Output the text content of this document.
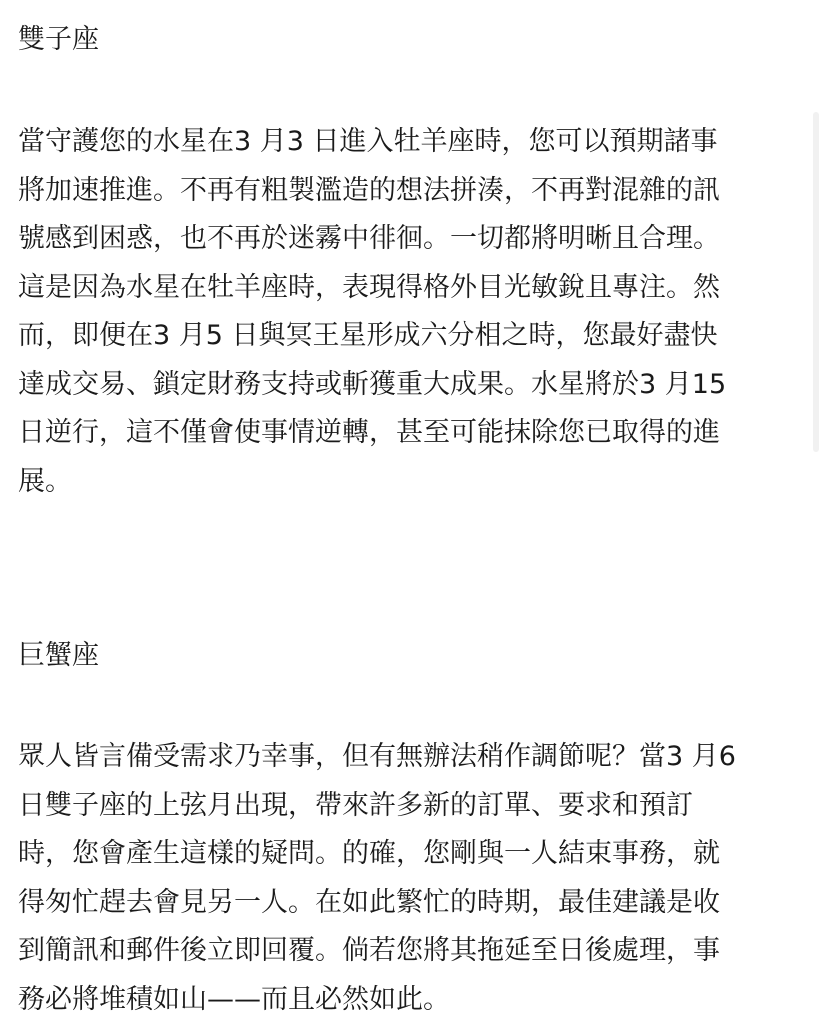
雙子座

當守護您的水星在3 月3 日進入牡羊座時，您可以預期諸事
將加速推進。不再有粗製濫造的想法拼湊，不再對混雜的訊
號感到困惑，也不再於迷霧中徘徊。一切都將明晰且合理。
這是因為水星在牡羊座時，表現得格外目光敏銳且專注。然
而，即便在3 月5 日與冥王星形成六分相之時，您最好盡快
達成交易、鎖定財務支持或斬獲重大成果。水星將於3 月15
日逆行，這不僅會使事情逆轉，甚至可能抹除您已取得的進
展。

巨蟹座

眾人皆言備受需求乃幸事，但有無辦法稍作調節呢？當3 月6
日雙子座的上弦月出現，帶來許多新的訂單、要求和預訂
時，您會產生這樣的疑問。的確，您剛與一人結束事務，就
得匆忙趕去會見另一人。在如此繁忙的時期，最佳建議是收
到簡訊和郵件後立即回覆。倘若您將其拖延至日後處理，事
務必將堆積如山——而且必然如此。
